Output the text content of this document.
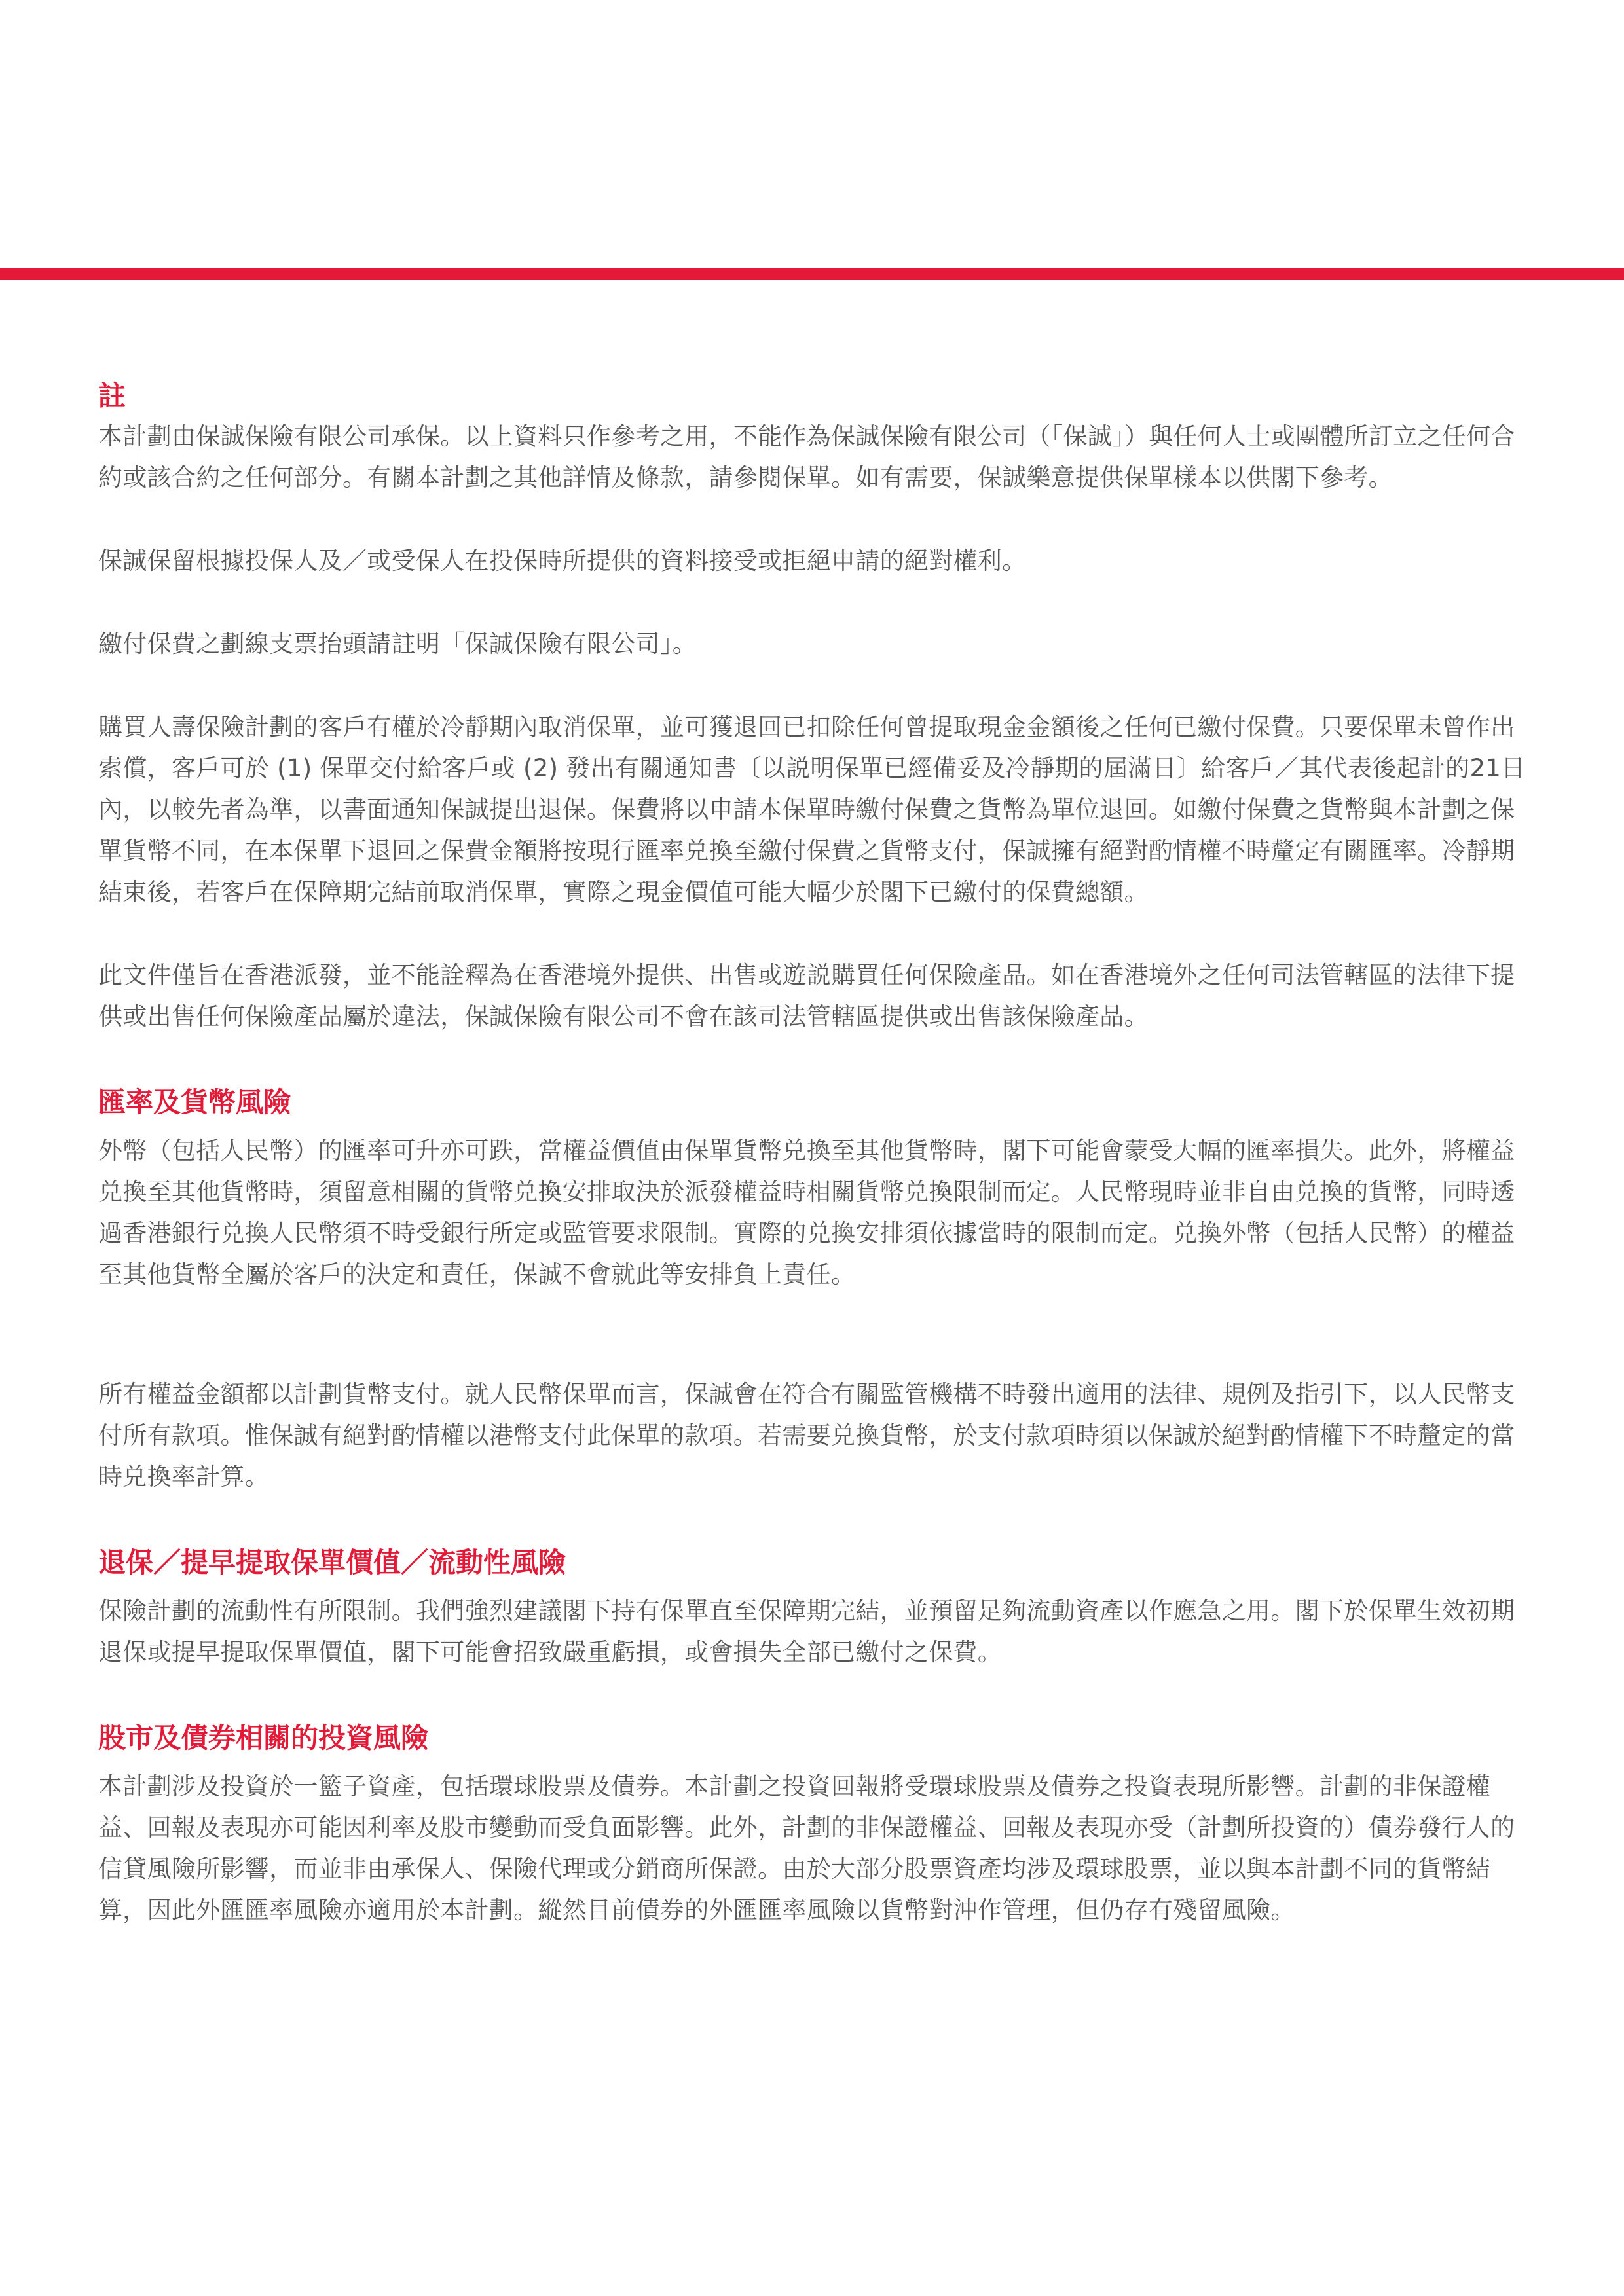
註

本計劃由保誠保險有限公司承保。以上資料只作參考之用，不能作為保誠保險有限公司（「保誠」）與任何人士或團體所訂立之任何合約或該合約之任何部分。有關本計劃之其他詳情及條款，請參閱保單。如有需要，保誠樂意提供保單樣本以供閣下參考。

保誠保留根據投保人及／或受保人在投保時所提供的資料接受或拒絕申請的絕對權利。

繳付保費之劃線支票抬頭請註明「保誠保險有限公司」。

購買人壽保險計劃的客戶有權於冷靜期內取消保單，並可獲退回已扣除任何曾提取現金金額後之任何已繳付保費。只要保單未曾作出索償，客戶可於 (1) 保單交付給客戶或 (2) 發出有關通知書〔以説明保單已經備妥及冷靜期的屆滿日〕給客戶／其代表後起計的21日內，以較先者為準，以書面通知保誠提出退保。保費將以申請本保單時繳付保費之貨幣為單位退回。如繳付保費之貨幣與本計劃之保單貨幣不同，在本保單下退回之保費金額將按現行匯率兑換至繳付保費之貨幣支付，保誠擁有絕對酌情權不時釐定有關匯率。冷靜期結束後，若客戶在保障期完結前取消保單，實際之現金價值可能大幅少於閣下已繳付的保費總額。

此文件僅旨在香港派發，並不能詮釋為在香港境外提供、出售或遊説購買任何保險產品。如在香港境外之任何司法管轄區的法律下提供或出售任何保險產品屬於違法，保誠保險有限公司不會在該司法管轄區提供或出售該保險產品。

匯率及貨幣風險

外幣（包括人民幣）的匯率可升亦可跌，當權益價值由保單貨幣兑換至其他貨幣時，閣下可能會蒙受大幅的匯率損失。此外，將權益兑換至其他貨幣時，須留意相關的貨幣兑換安排取決於派發權益時相關貨幣兑換限制而定。人民幣現時並非自由兑換的貨幣，同時透過香港銀行兑換人民幣須不時受銀行所定或監管要求限制。實際的兑換安排須依據當時的限制而定。兑換外幣（包括人民幣）的權益至其他貨幣全屬於客戶的決定和責任，保誠不會就此等安排負上責任。

所有權益金額都以計劃貨幣支付。就人民幣保單而言，保誠會在符合有關監管機構不時發出適用的法律、規例及指引下，以人民幣支付所有款項。惟保誠有絕對酌情權以港幣支付此保單的款項。若需要兑換貨幣，於支付款項時須以保誠於絕對酌情權下不時釐定的當時兑換率計算。

退保／提早提取保單價值／流動性風險

保險計劃的流動性有所限制。我們強烈建議閣下持有保單直至保障期完結，並預留足夠流動資產以作應急之用。閣下於保單生效初期退保或提早提取保單價值，閣下可能會招致嚴重虧損，或會損失全部已繳付之保費。

股市及債券相關的投資風險

本計劃涉及投資於一籃子資產，包括環球股票及債券。本計劃之投資回報將受環球股票及債券之投資表現所影響。計劃的非保證權益、回報及表現亦可能因利率及股市變動而受負面影響。此外，計劃的非保證權益、回報及表現亦受（計劃所投資的）債券發行人的信貸風險所影響，而並非由承保人、保險代理或分銷商所保證。由於大部分股票資產均涉及環球股票，並以與本計劃不同的貨幣結算，因此外匯匯率風險亦適用於本計劃。縱然目前債券的外匯匯率風險以貨幣對沖作管理，但仍存有殘留風險。
